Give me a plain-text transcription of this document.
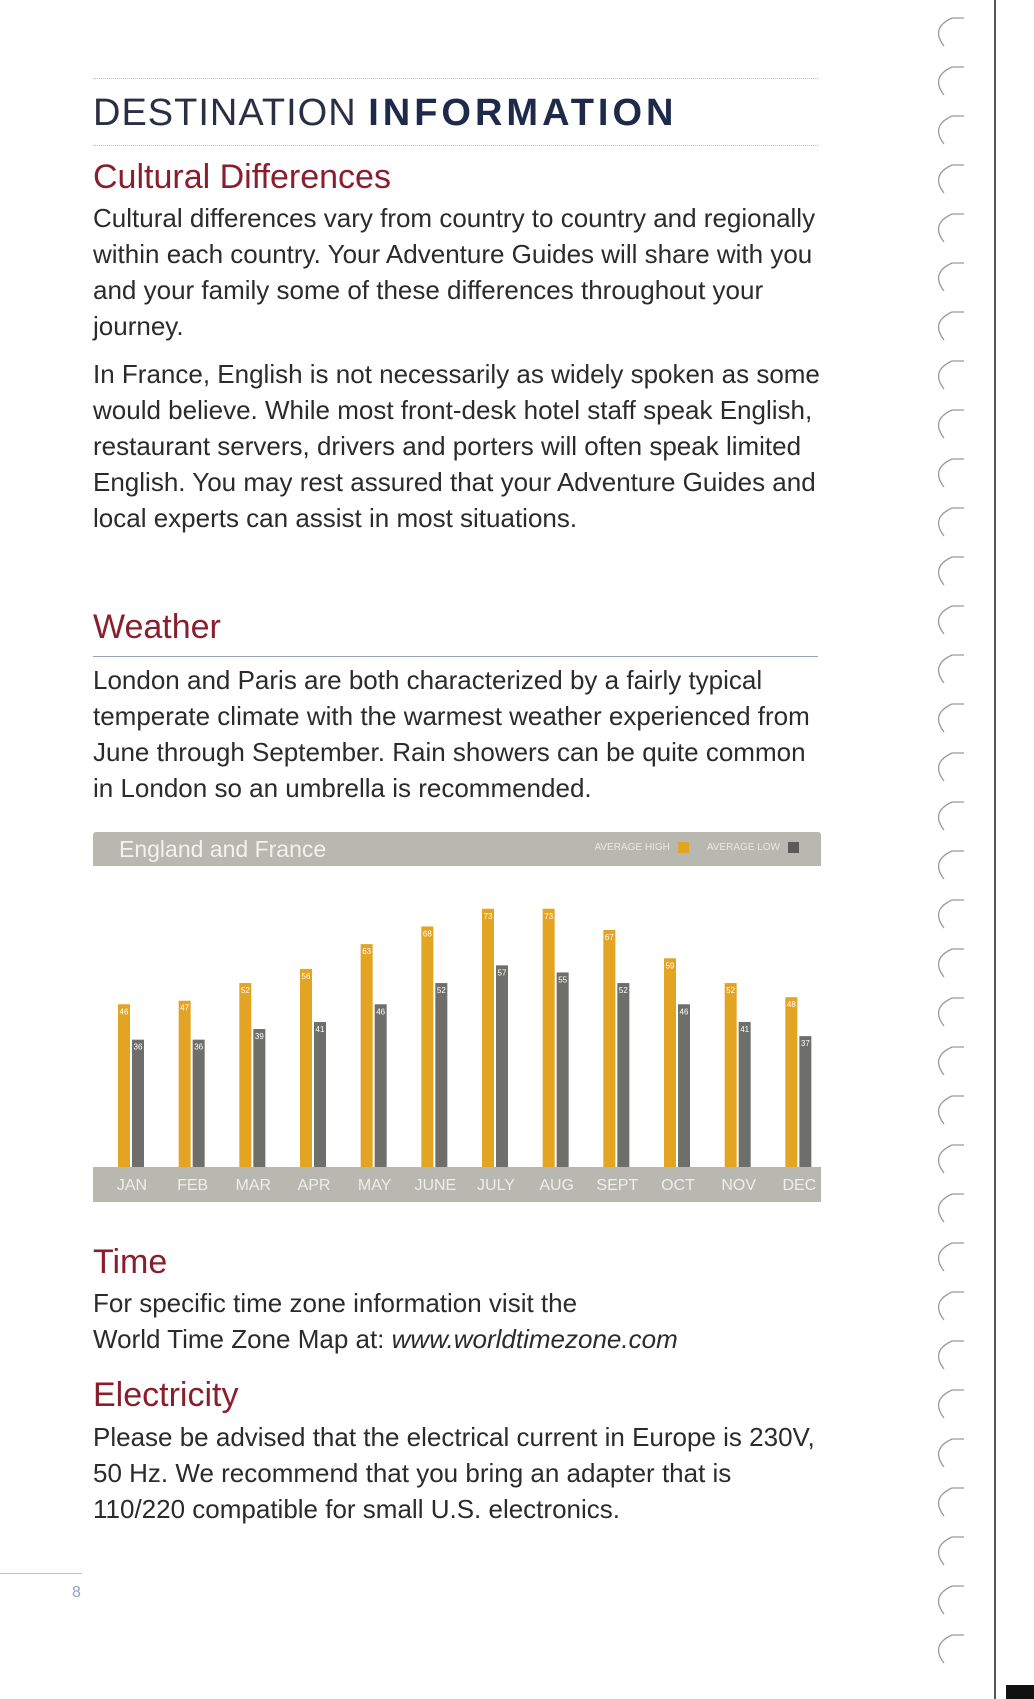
DESTINATION INFORMATION
Cultural Differences
Cultural differences vary from country to country and regionally within each country. Your Adventure Guides will share with you and your family some of these differences throughout your journey.
In France, English is not necessarily as widely spoken as some would believe. While most front-desk hotel staff speak English, restaurant servers, drivers and porters will often speak limited English. You may rest assured that your Adventure Guides and local experts can assist in most situations.
Weather
London and Paris are both characterized by a fairly typical temperate climate with the warmest weather experienced from June through September. Rain showers can be quite common in London so an umbrella is recommended.
England and France	AVERAGE HIGH	AVERAGE LOW
46
36
47
36
52
39
56
41
63
46
68
52
73
57
73
55
67
52
59
46
52
41
48
37
JAN FEB MAR APR MAY JUNE JULY AUG SEPT OCT NOV DEC
Time
For specific time zone information visit the
World Time Zone Map at: www.worldtimezone.com
Electricity
Please be advised that the electrical current in Europe is 230V, 50 Hz. We recommend that you bring an adapter that is 110/220 compatible for small U.S. electronics.
8
